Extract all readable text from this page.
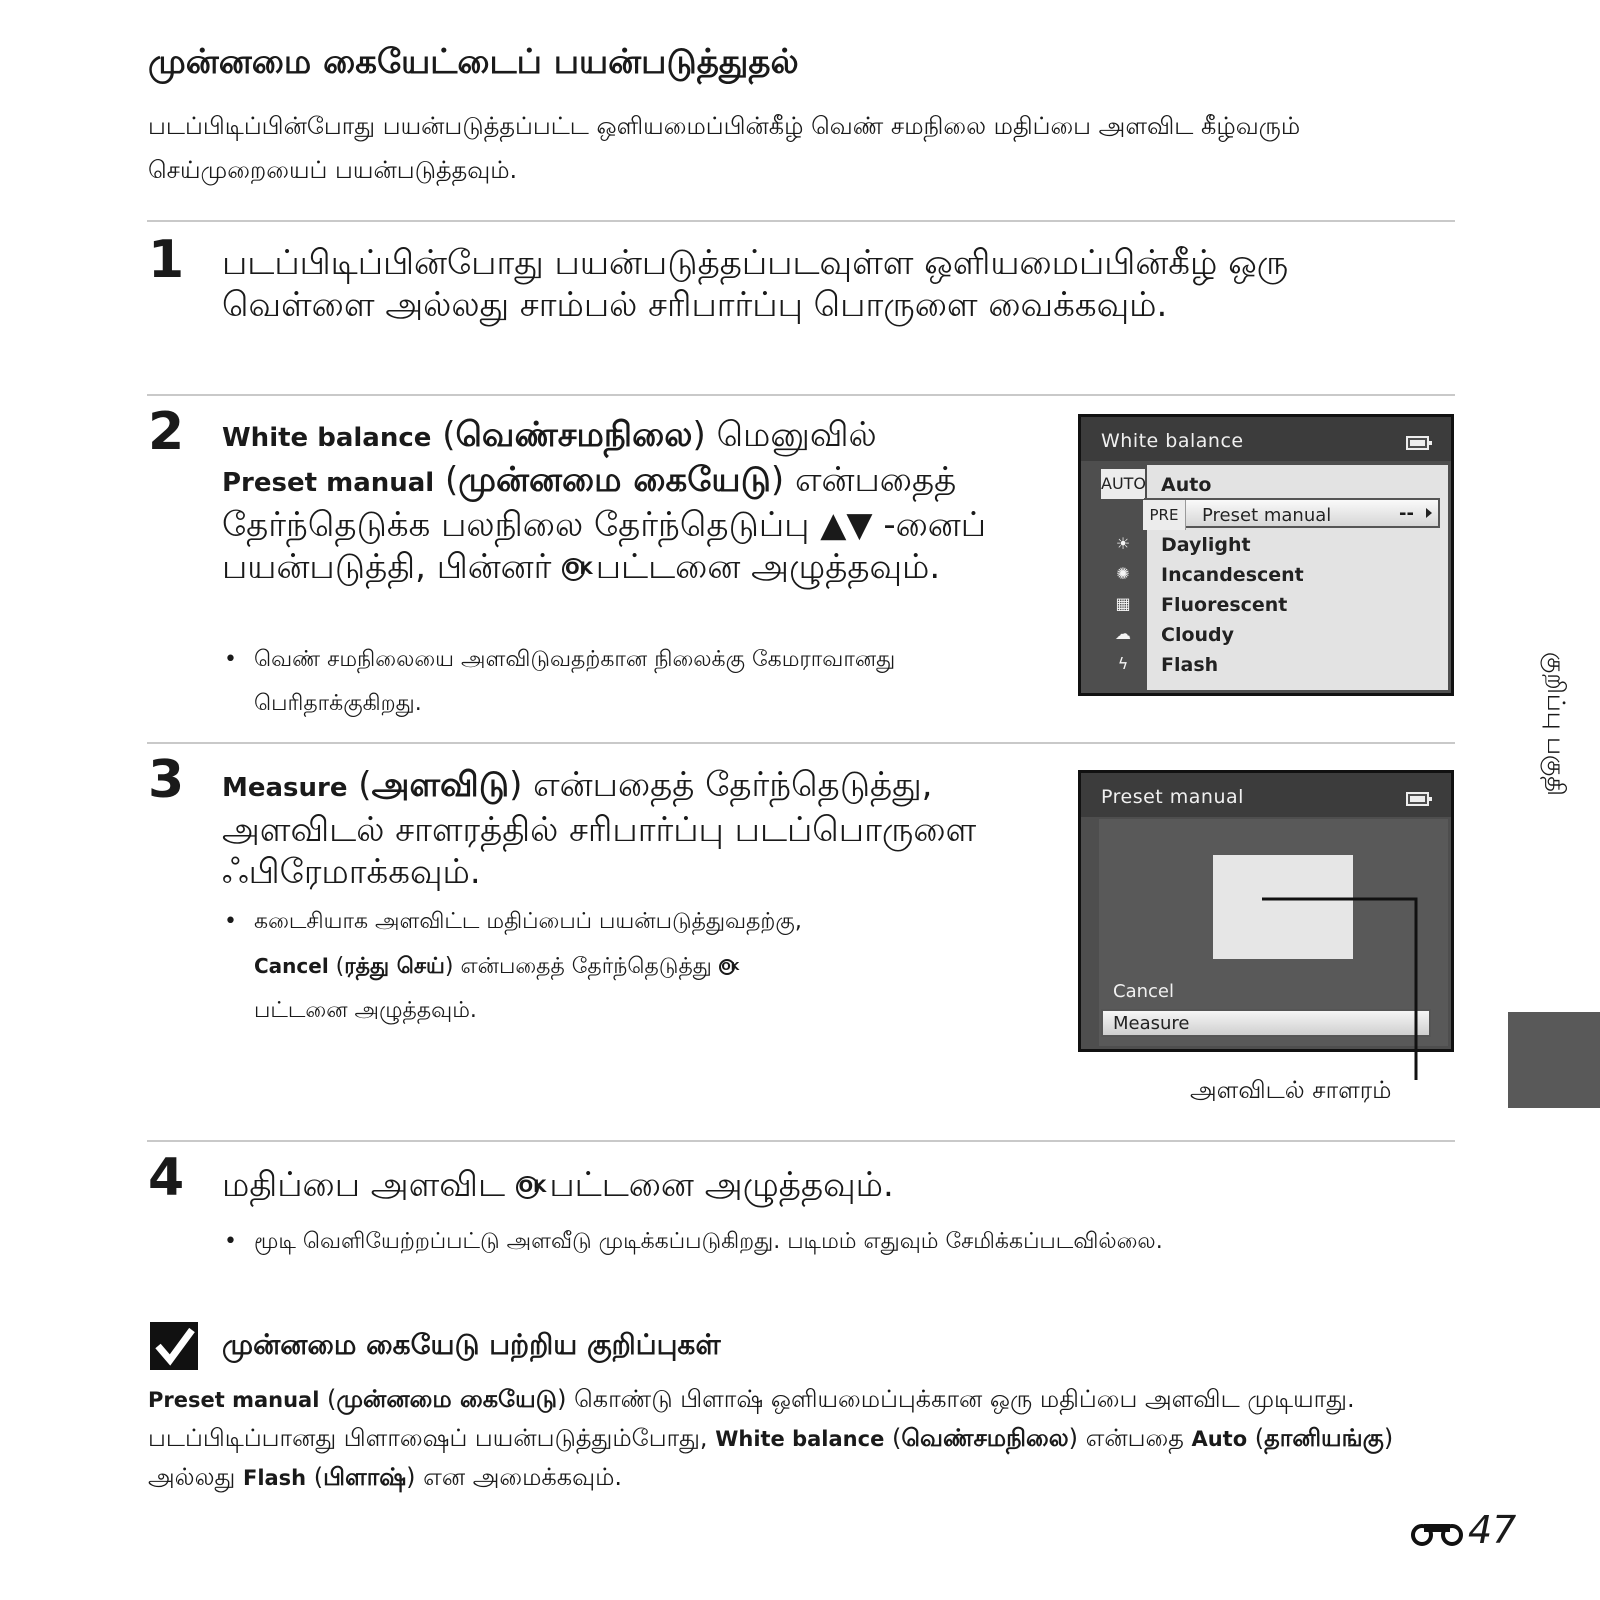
முன்னமை கையேட்டைப் பயன்படுத்துதல்
படப்பிடிப்பின்போது பயன்படுத்தப்பட்ட ஒளியமைப்பின்கீழ் வெண் சமநிலை மதிப்பை அளவிட கீழ்வரும் செய்முறையைப் பயன்படுத்தவும்.
1 படப்பிடிப்பின்போது பயன்படுத்தப்படவுள்ள ஒளியமைப்பின்கீழ் ஒரு வெள்ளை அல்லது சாம்பல் சரிபார்ப்பு பொருளை வைக்கவும்.
2 White balance (வெண்சமநிலை) மெனுவில்
Preset manual (முன்னமை கையேடு) என்பதைத் தேர்ந்தெடுக்க பலநிலை தேர்ந்தெடுப்பு ▲▼ -னைப் பயன்படுத்தி, பின்னர் OK பட்டனை அழுத்தவும்.
• வெண் சமநிலையை அளவிடுவதற்கான நிலைக்கு கேமராவானது பெரிதாக்குகிறது.
White balance
AUTO Auto
PRE	Preset manual	--
☀	Daylight
✺	Incandescent
▦	Fluorescent
☁	Cloudy
ϟ	Flash
3 Measure (அளவிடு) என்பதைத் தேர்ந்தெடுத்து, அளவிடல் சாளரத்தில் சரிபார்ப்பு படப்பொருளை ஃபிரேமாக்கவும்.
• கடைசியாக அளவிட்ட மதிப்பைப் பயன்படுத்துவதற்கு,
Cancel (ரத்து செய்) என்பதைத் தேர்ந்தெடுத்து OK
பட்டனை அழுத்தவும்.
Preset manual
Cancel
Measure
அளவிடல் சாளரம்
4 மதிப்பை அளவிட OK பட்டனை அழுத்தவும்.
• மூடி வெளியேற்றப்பட்டு அளவீடு முடிக்கப்படுகிறது. படிமம் எதுவும் சேமிக்கப்படவில்லை.
முன்னமை கையேடு பற்றிய குறிப்புகள்
Preset manual (முன்னமை கையேடு) கொண்டு பிளாஷ் ஒளியமைப்புக்கான ஒரு மதிப்பை அளவிட முடியாது. படப்பிடிப்பானது பிளாஷைப் பயன்படுத்தும்போது, White balance (வெண்சமநிலை) என்பதை Auto (தானியங்கு) அல்லது Flash (பிளாஷ்) என அமைக்கவும்.
குறிப்பு பகுதி
47
